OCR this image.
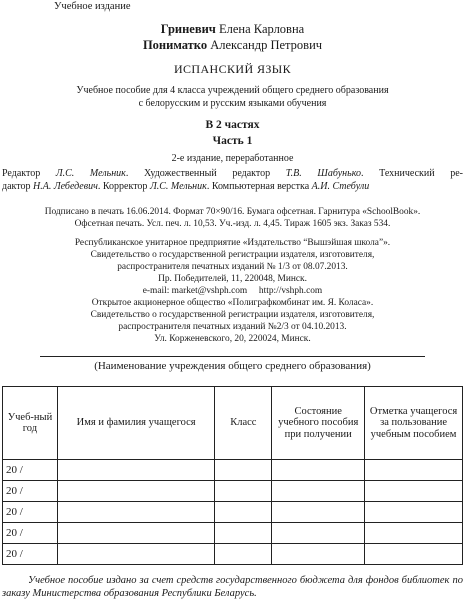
Учебное издание
Гриневич Елена Карловна
Пониматко Александр Петрович
ИСПАНСКИЙ ЯЗЫК
Учебное пособие для 4 класса учреждений общего среднего образования
с белорусским и русским языками обучения
В 2 частях
Часть 1
2-е издание, переработанное
Редактор Л.С. Мельник. Художественный редактор Т.В. Шабунько. Технический ре-
дактор Н.А. Лебедевич. Корректор Л.С. Мельник. Компьютерная верстка А.И. Стебули
Подписано в печать 16.06.2014. Формат 70×90/16. Бумага офсетная. Гарнитура «SchoolBook».
Офсетная печать. Усл. печ. л. 10,53. Уч.-изд. л. 4,45. Тираж 1605 экз. Заказ 534.
Республиканское унитарное предприятие «Издательство “Вышэйшая школа”».
Свидетельство о государственной регистрации издателя, изготовителя,
распространителя печатных изданий № 1/3 от 08.07.2013.
Пр. Победителей, 11, 220048, Минск.
e-mail: market@vshph.com     http://vshph.com
Открытое акционерное общество «Полиграфкомбинат им. Я. Коласа».
Свидетельство о государственной регистрации издателя, изготовителя,
распространителя печатных изданий №2/3 от 04.10.2013.
Ул. Корженевского, 20, 220024, Минск.
(Наименование учреждения общего среднего образования)
Учеб-ный год	Имя и фамилия учащегося	Класс	Состояние учебного пособия при получении	Отметка учащегося за пользование учебным пособием
20 /				
20 /				
20 /				
20 /				
20 /				
Учебное пособие издано за счет средств государственного бюджета для фондов библиотек по заказу Министерства образования Республики Беларусь.
